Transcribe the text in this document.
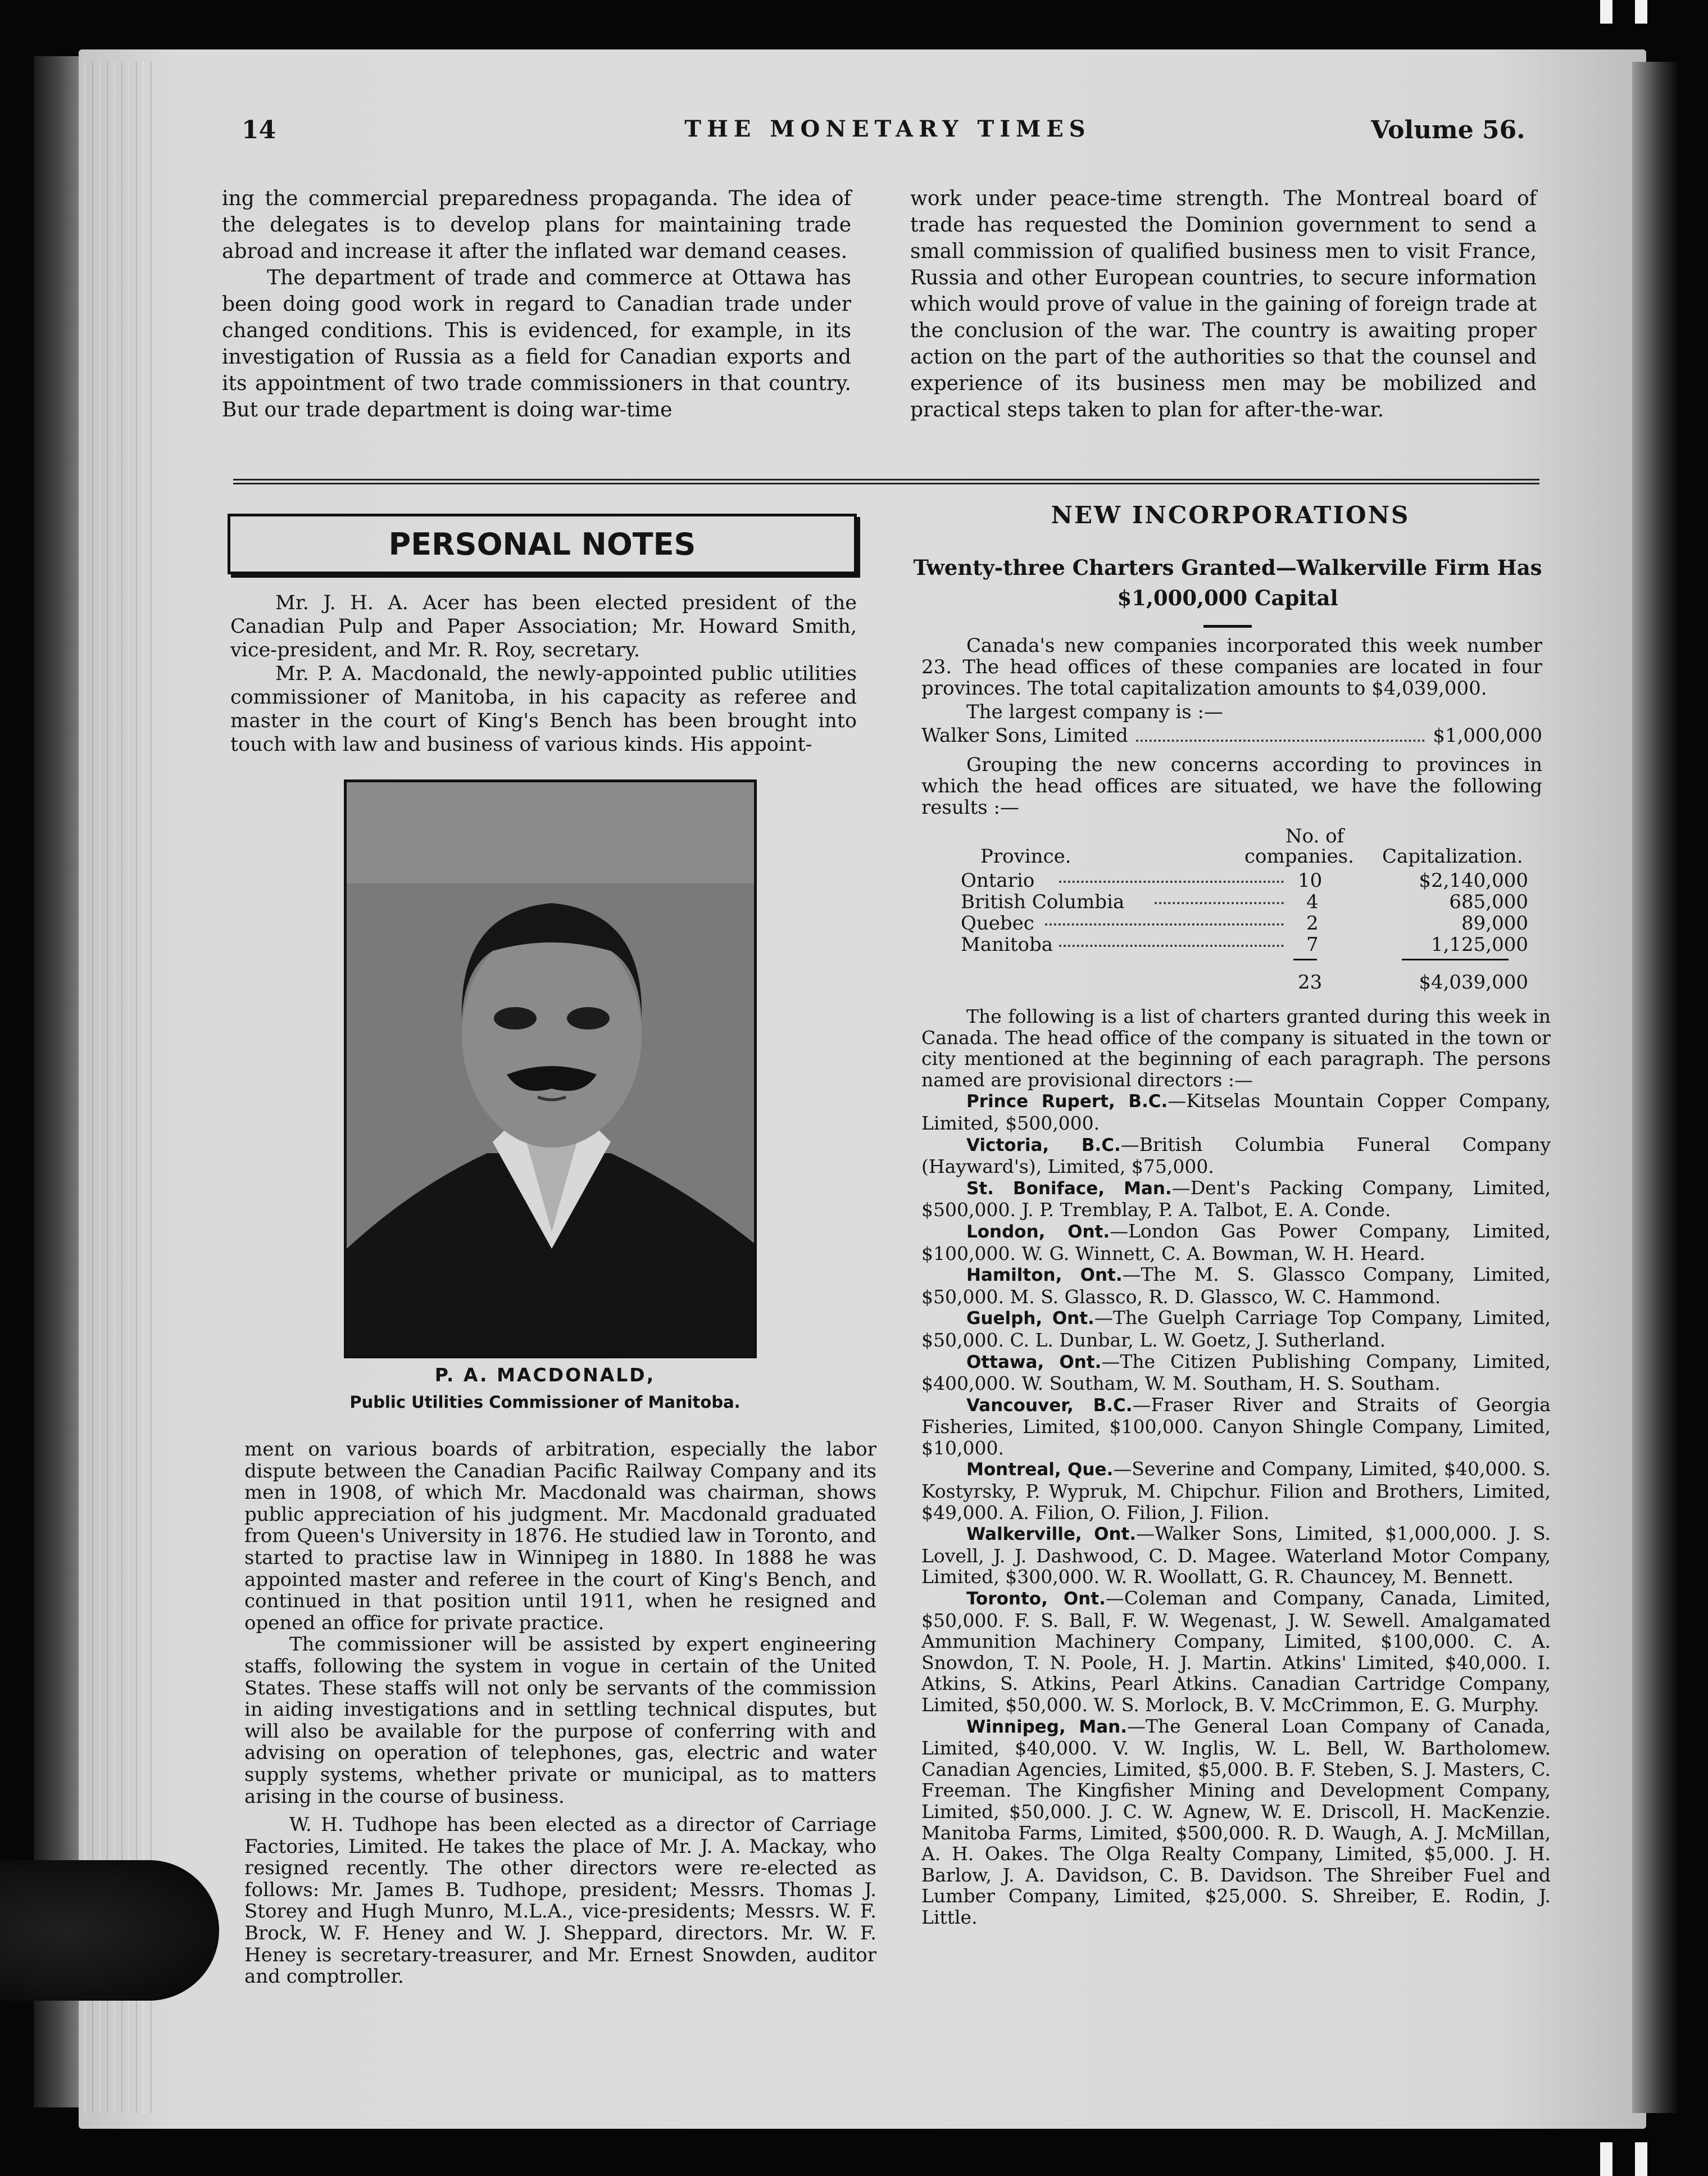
14	THE MONETARY TIMES	Volume 56.

ing the commercial preparedness propaganda. The idea of the delegates is to develop plans for maintaining trade abroad and increase it after the inflated war demand ceases.

The department of trade and commerce at Ottawa has been doing good work in regard to Canadian trade under changed conditions. This is evidenced, for example, in its investigation of Russia as a field for Canadian exports and its appointment of two trade commissioners in that country. But our trade department is doing war-time

work under peace-time strength. The Montreal board of trade has requested the Dominion government to send a small commission of qualified business men to visit France, Russia and other European countries, to secure information which would prove of value in the gaining of foreign trade at the conclusion of the war. The country is awaiting proper action on the part of the authorities so that the counsel and experience of its business men may be mobilized and practical steps taken to plan for after-the-war.

PERSONAL NOTES

Mr. J. H. A. Acer has been elected president of the Canadian Pulp and Paper Association; Mr. Howard Smith, vice-president, and Mr. R. Roy, secretary.

Mr. P. A. Macdonald, the newly-appointed public utilities commissioner of Manitoba, in his capacity as referee and master in the court of King's Bench has been brought into touch with law and business of various kinds. His appoint-

P. A. MACDONALD,
Public Utilities Commissioner of Manitoba.

ment on various boards of arbitration, especially the labor dispute between the Canadian Pacific Railway Company and its men in 1908, of which Mr. Macdonald was chairman, shows public appreciation of his judgment. Mr. Macdonald graduated from Queen's University in 1876. He studied law in Toronto, and started to practise law in Winnipeg in 1880. In 1888 he was appointed master and referee in the court of King's Bench, and continued in that position until 1911, when he resigned and opened an office for private practice.

The commissioner will be assisted by expert engineering staffs, following the system in vogue in certain of the United States. These staffs will not only be servants of the commission in aiding investigations and in settling technical disputes, but will also be available for the purpose of conferring with and advising on operation of telephones, gas, electric and water supply systems, whether private or municipal, as to matters arising in the course of business.

W. H. Tudhope has been elected as a director of Carriage Factories, Limited. He takes the place of Mr. J. A. Mackay, who resigned recently. The other directors were re-elected as follows: Mr. James B. Tudhope, president; Messrs. Thomas J. Storey and Hugh Munro, M.L.A., vice-presidents; Messrs. W. F. Brock, W. F. Heney and W. J. Sheppard, directors. Mr. W. F. Heney is secretary-treasurer, and Mr. Ernest Snowden, auditor and comptroller.

NEW INCORPORATIONS
Twenty-three Charters Granted—Walkerville Firm Has
$1,000,000 Capital

Canada's new companies incorporated this week number 23. The head offices of these companies are located in four provinces. The total capitalization amounts to $4,039,000.

The largest company is :—

Walker Sons, Limited	$1,000,000

Grouping the new concerns according to provinces in which the head offices are situated, we have the following results :—

No. of
Province.	companies. Capitalization.
Ontario	10	$2,140,000
British Columbia	4	685,000
Quebec	2	89,000
Manitoba	7	1,125,000
23	$4,039,000

The following is a list of charters granted during this week in Canada. The head office of the company is situated in the town or city mentioned at the beginning of each paragraph. The persons named are provisional directors :—

Prince Rupert, B.C.—Kitselas Mountain Copper Company, Limited, $500,000.

Victoria, B.C.—British Columbia Funeral Company (Hayward's), Limited, $75,000.

St. Boniface, Man.—Dent's Packing Company, Limited, $500,000. J. P. Tremblay, P. A. Talbot, E. A. Conde.

London, Ont.—London Gas Power Company, Limited, $100,000. W. G. Winnett, C. A. Bowman, W. H. Heard.

Hamilton, Ont.—The M. S. Glassco Company, Limited, $50,000. M. S. Glassco, R. D. Glassco, W. C. Hammond.

Guelph, Ont.—The Guelph Carriage Top Company, Limited, $50,000. C. L. Dunbar, L. W. Goetz, J. Sutherland.

Ottawa, Ont.—The Citizen Publishing Company, Limited, $400,000. W. Southam, W. M. Southam, H. S. Southam.

Vancouver, B.C.—Fraser River and Straits of Georgia Fisheries, Limited, $100,000. Canyon Shingle Company, Limited, $10,000.

Montreal, Que.—Severine and Company, Limited, $40,000. S. Kostyrsky, P. Wypruk, M. Chipchur. Filion and Brothers, Limited, $49,000. A. Filion, O. Filion, J. Filion.

Walkerville, Ont.—Walker Sons, Limited, $1,000,000. J. S. Lovell, J. J. Dashwood, C. D. Magee. Waterland Motor Company, Limited, $300,000. W. R. Woollatt, G. R. Chauncey, M. Bennett.

Toronto, Ont.—Coleman and Company, Canada, Limited, $50,000. F. S. Ball, F. W. Wegenast, J. W. Sewell. Amalgamated Ammunition Machinery Company, Limited, $100,000. C. A. Snowdon, T. N. Poole, H. J. Martin. Atkins' Limited, $40,000. I. Atkins, S. Atkins, Pearl Atkins. Canadian Cartridge Company, Limited, $50,000. W. S. Morlock, B. V. McCrimmon, E. G. Murphy.

Winnipeg, Man.—The General Loan Company of Canada, Limited, $40,000. V. W. Inglis, W. L. Bell, W. Bartholomew. Canadian Agencies, Limited, $5,000. B. F. Steben, S. J. Masters, C. Freeman. The Kingfisher Mining and Development Company, Limited, $50,000. J. C. W. Agnew, W. E. Driscoll, H. MacKenzie. Manitoba Farms, Limited, $500,000. R. D. Waugh, A. J. McMillan, A. H. Oakes. The Olga Realty Company, Limited, $5,000. J. H. Barlow, J. A. Davidson, C. B. Davidson. The Shreiber Fuel and Lumber Company, Limited, $25,000. S. Shreiber, E. Rodin, J. Little.
